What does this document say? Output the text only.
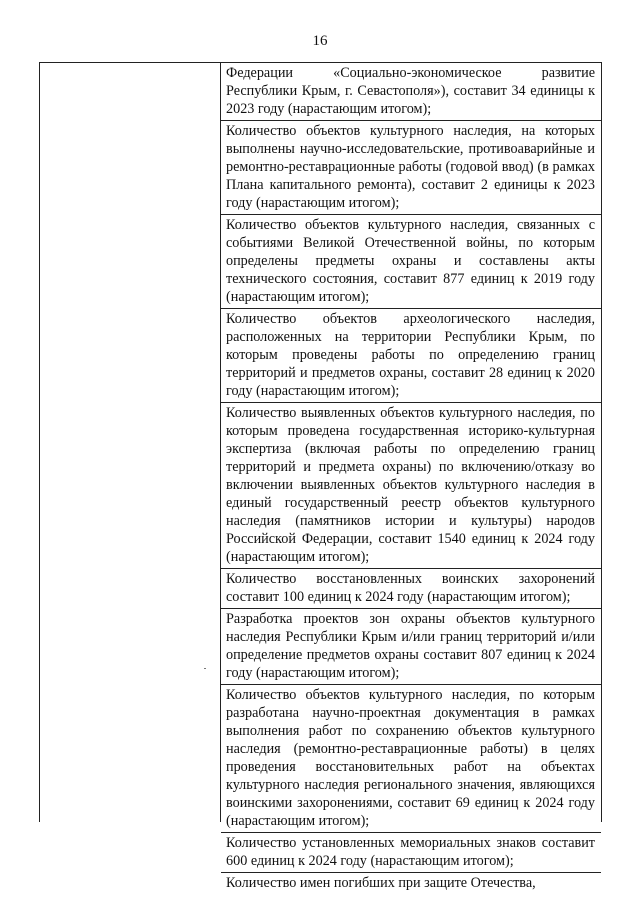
16
Федерации «Социально-экономическое развитие Республики Крым, г. Севастополя»), составит 34 единицы к 2023 году (нарастающим итогом);
Количество объектов культурного наследия, на которых выполнены научно-исследовательские, противоаварийные и ремонтно-реставрационные работы (годовой ввод) (в рамках Плана капитального ремонта), составит 2 единицы к 2023 году (нарастающим итогом);
Количество объектов культурного наследия, связанных с событиями Великой Отечественной войны, по которым определены предметы охраны и составлены акты технического состояния, составит 877 единиц к 2019 году (нарастающим итогом);
Количество объектов археологического наследия, расположенных на территории Республики Крым, по которым проведены работы по определению границ территорий и предметов охраны, составит 28 единиц к 2020 году (нарастающим итогом);
Количество выявленных объектов культурного наследия, по которым проведена государственная историко-культурная экспертиза (включая работы по определению границ территорий и предмета охраны) по включению/отказу во включении выявленных объектов культурного наследия в единый государственный реестр объектов культурного наследия (памятников истории и культуры) народов Российской Федерации, составит 1540 единиц к 2024 году (нарастающим итогом);
Количество восстановленных воинских захоронений составит 100 единиц к 2024 году (нарастающим итогом);
Разработка проектов зон охраны объектов культурного наследия Республики Крым и/или границ территорий и/или определение предметов охраны составит 807 единиц к 2024 году (нарастающим итогом);
Количество объектов культурного наследия, по которым разработана научно-проектная документация в рамках выполнения работ по сохранению объектов культурного наследия (ремонтно-реставрационные работы) в целях проведения восстановительных работ на объектах культурного наследия регионального значения, являющихся воинскими захоронениями, составит 69 единиц к 2024 году (нарастающим итогом);
Количество установленных мемориальных знаков составит 600 единиц к 2024 году (нарастающим итогом);
Количество имен погибших при защите Отечества,
